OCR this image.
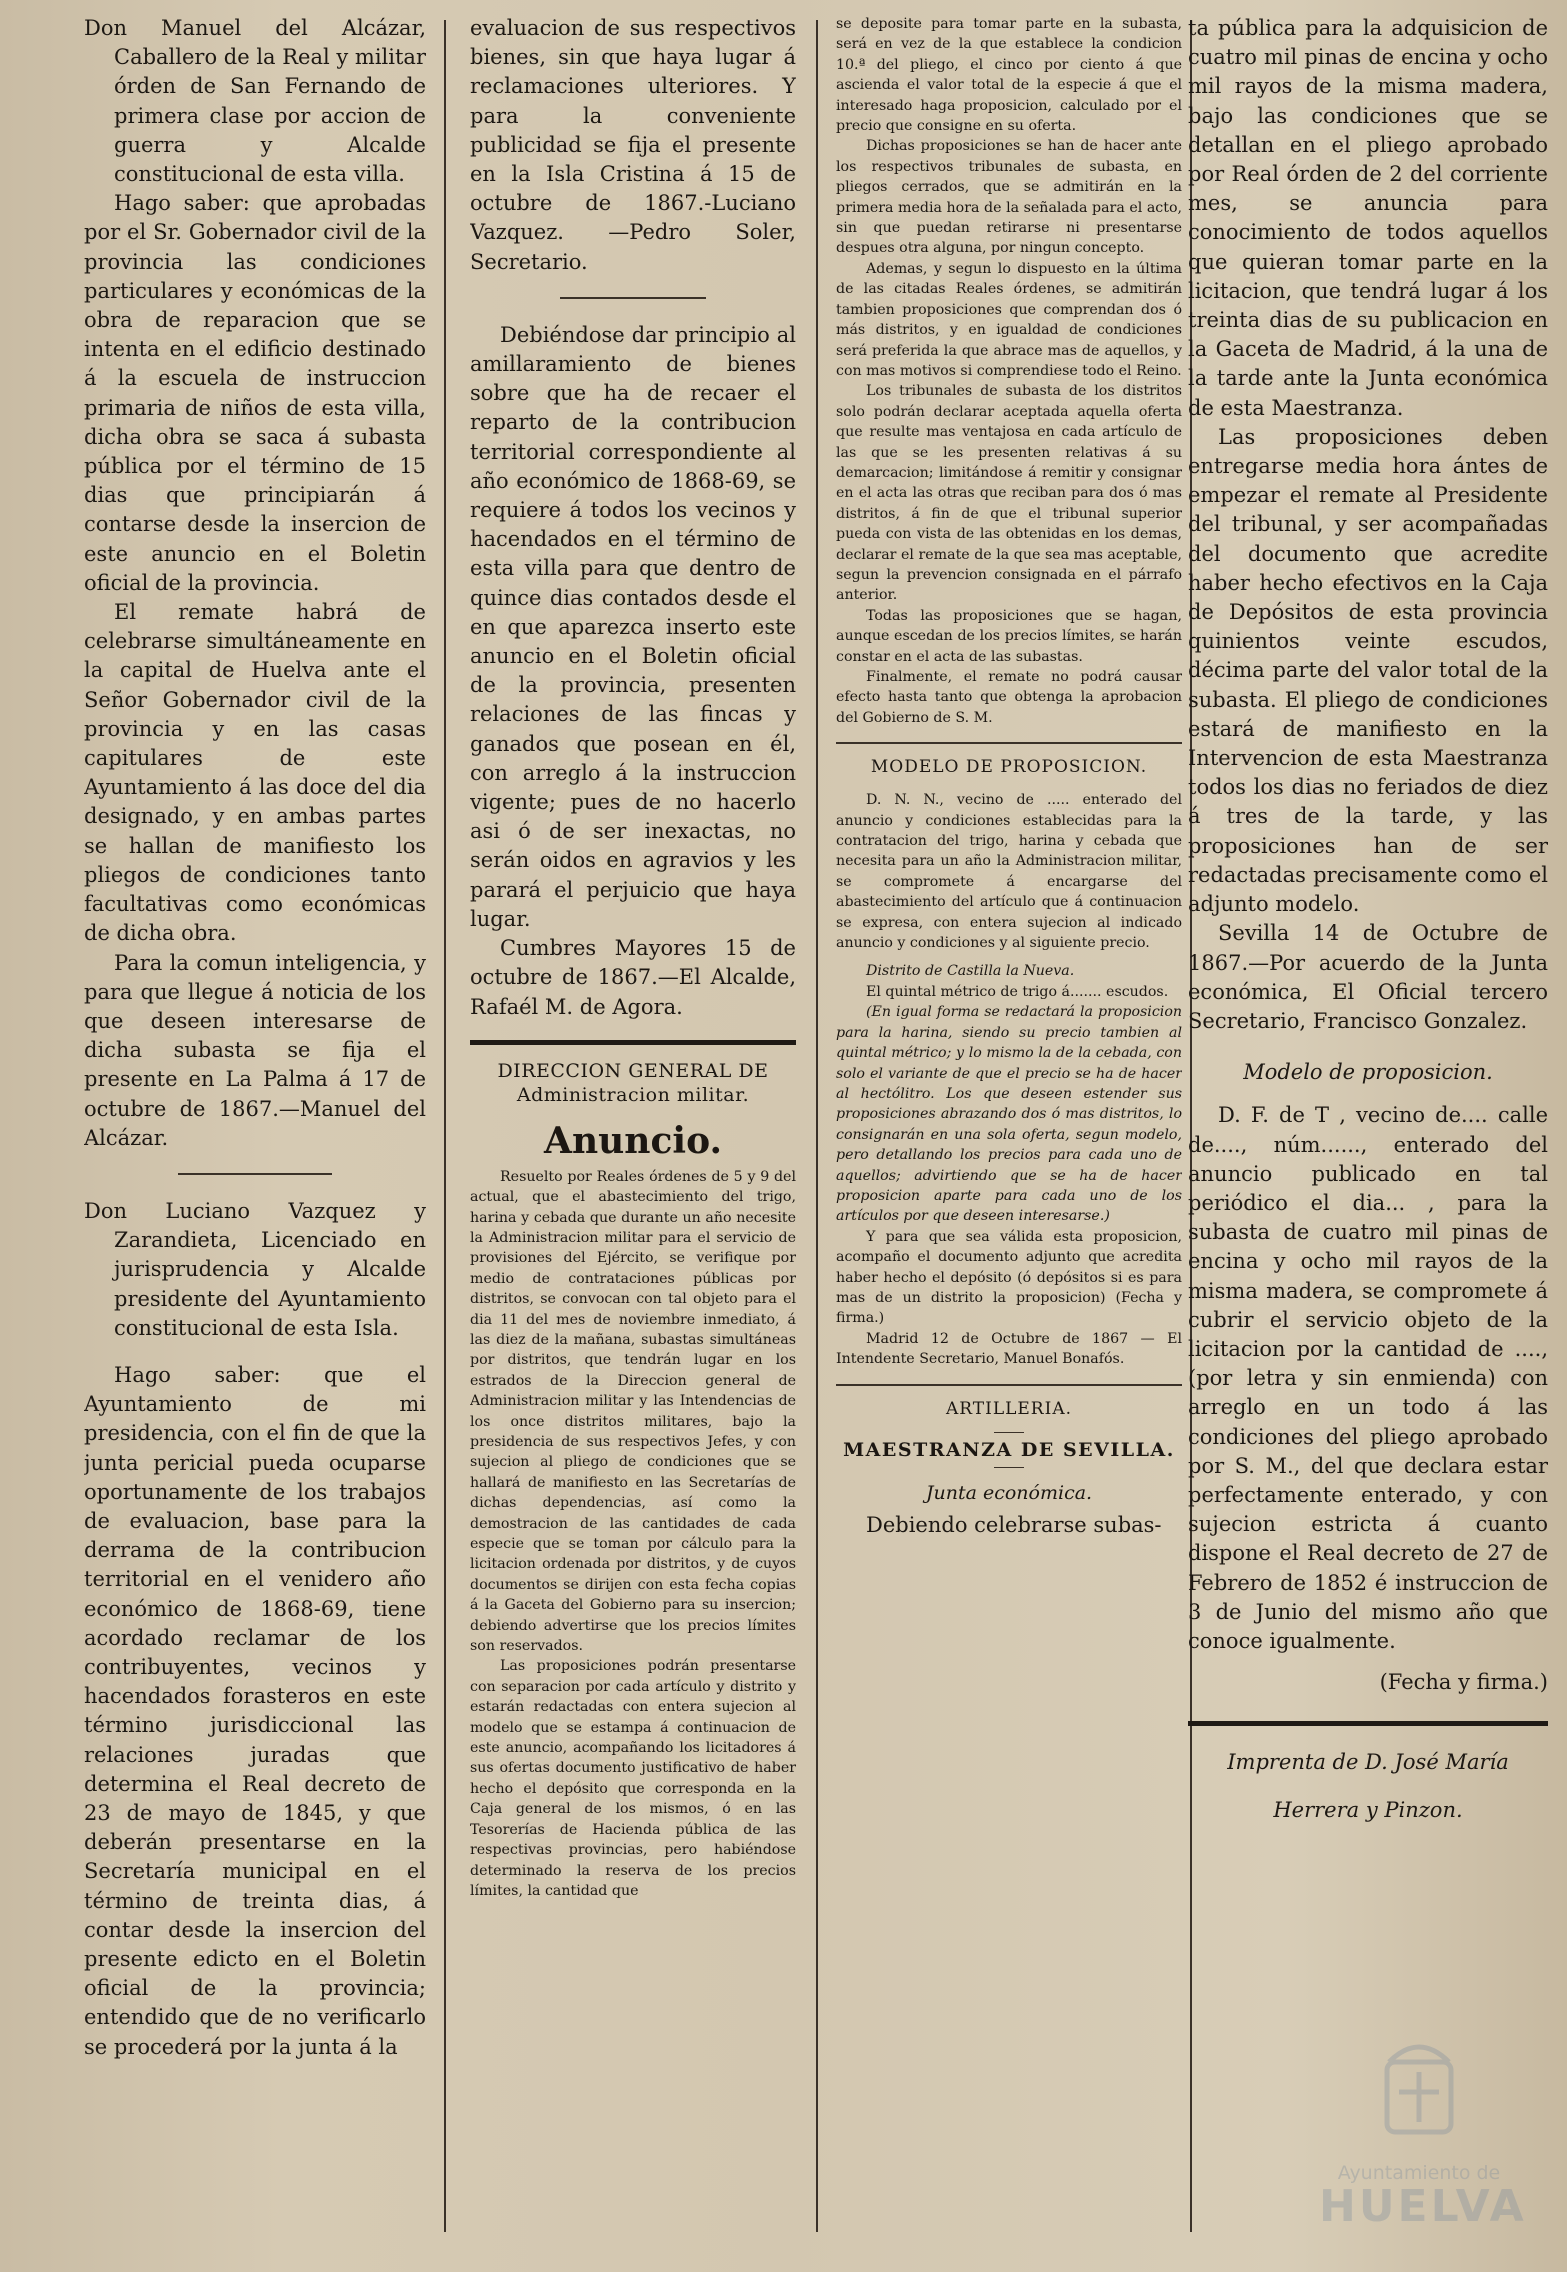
Don Manuel del Alcázar, Caballero de la Real y militar órden de San Fernando de primera clase por accion de guerra y Alcalde constitucional de esta villa.

Hago saber: que aprobadas por el Sr. Gobernador civil de la provincia las condiciones particulares y económicas de la obra de reparacion que se intenta en el edificio destinado á la escuela de instruccion primaria de niños de esta villa, dicha obra se saca á subasta pública por el término de 15 dias que principiarán á contarse desde la insercion de este anuncio en el Boletin oficial de la provincia.

El remate habrá de celebrarse simultáneamente en la capital de Huelva ante el Señor Gobernador civil de la provincia y en las casas capitulares de este Ayuntamiento á las doce del dia designado, y en ambas partes se hallan de manifiesto los pliegos de condiciones tanto facultativas como económicas de dicha obra.

Para la comun inteligencia, y para que llegue á noticia de los que deseen interesarse de dicha subasta se fija el presente en La Palma á 17 de octubre de 1867.—Manuel del Alcázar.

Don Luciano Vazquez y Zarandieta, Licenciado en jurisprudencia y Alcalde presidente del Ayuntamiento constitucional de esta Isla.

Hago saber: que el Ayuntamiento de mi presidencia, con el fin de que la junta pericial pueda ocuparse oportunamente de los trabajos de evaluacion, base para la derrama de la contribucion territorial en el venidero año económico de 1868-69, tiene acordado reclamar de los contribuyentes, vecinos y hacendados forasteros en este término jurisdiccional las relaciones juradas que determina el Real decreto de 23 de mayo de 1845, y que deberán presentarse en la Secretaría municipal en el término de treinta dias, á contar desde la insercion del presente edicto en el Boletin oficial de la provincia; entendido que de no verificarlo se procederá por la junta á la

evaluacion de sus respectivos bienes, sin que haya lugar á reclamaciones ulteriores. Y para la conveniente publicidad se fija el presente en la Isla Cristina á 15 de octubre de 1867.-Luciano Vazquez. —Pedro Soler, Secretario.

Debiéndose dar principio al amillaramiento de bienes sobre que ha de recaer el reparto de la contribucion territorial correspondiente al año económico de 1868-69, se requiere á todos los vecinos y hacendados en el término de esta villa para que dentro de quince dias contados desde el en que aparezca inserto este anuncio en el Boletin oficial de la provincia, presenten relaciones de las fincas y ganados que posean en él, con arreglo á la instruccion vigente; pues de no hacerlo asi ó de ser inexactas, no serán oidos en agravios y les parará el perjuicio que haya lugar.

Cumbres Mayores 15 de octubre de 1867.—El Alcalde, Rafaél M. de Agora.

DIRECCION GENERAL DE Administracion militar.

Anuncio.

Resuelto por Reales órdenes de 5 y 9 del actual, que el abastecimiento del trigo, harina y cebada que durante un año necesite la Administracion militar para el servicio de provisiones del Ejército, se verifique por medio de contrataciones públicas por distritos, se convocan con tal objeto para el dia 11 del mes de noviembre inmediato, á las diez de la mañana, subastas simultáneas por distritos, que tendrán lugar en los estrados de la Direccion general de Administracion militar y las Intendencias de los once distritos militares, bajo la presidencia de sus respectivos Jefes, y con sujecion al pliego de condiciones que se hallará de manifiesto en las Secretarías de dichas dependencias, así como la demostracion de las cantidades de cada especie que se toman por cálculo para la licitacion ordenada por distritos, y de cuyos documentos se dirijen con esta fecha copias á la Gaceta del Gobierno para su insercion; debiendo advertirse que los precios límites son reservados.

Las proposiciones podrán presentarse con separacion por cada artículo y distrito y estarán redactadas con entera sujecion al modelo que se estampa á continuacion de este anuncio, acompañando los licitadores á sus ofertas documento justificativo de haber hecho el depósito que corresponda en la Caja general de los mismos, ó en las Tesorerías de Hacienda pública de las respectivas provincias, pero habiéndose determinado la reserva de los precios límites, la cantidad que

se deposite para tomar parte en la subasta, será en vez de la que establece la condicion 10.ª del pliego, el cinco por ciento á que ascienda el valor total de la especie á que el interesado haga proposicion, calculado por el precio que consigne en su oferta.

Dichas proposiciones se han de hacer ante los respectivos tribunales de subasta, en pliegos cerrados, que se admitirán en la primera media hora de la señalada para el acto, sin que puedan retirarse ni presentarse despues otra alguna, por ningun concepto.

Ademas, y segun lo dispuesto en la última de las citadas Reales órdenes, se admitirán tambien proposiciones que comprendan dos ó más distritos, y en igualdad de condiciones será preferida la que abrace mas de aquellos, y con mas motivos si comprendiese todo el Reino.

Los tribunales de subasta de los distritos solo podrán declarar aceptada aquella oferta que resulte mas ventajosa en cada artículo de las que se les presenten relativas á su demarcacion; limitándose á remitir y consignar en el acta las otras que reciban para dos ó mas distritos, á fin de que el tribunal superior pueda con vista de las obtenidas en los demas, declarar el remate de la que sea mas aceptable, segun la prevencion consignada en el párrafo anterior.

Todas las proposiciones que se hagan, aunque escedan de los precios límites, se harán constar en el acta de las subastas.

Finalmente, el remate no podrá causar efecto hasta tanto que obtenga la aprobacion del Gobierno de S. M.

MODELO DE PROPOSICION.

D. N. N., vecino de ..... enterado del anuncio y condiciones establecidas para la contratacion del trigo, harina y cebada que necesita para un año la Administracion militar, se compromete á encargarse del abastecimiento del artículo que á continuacion se expresa, con entera sujecion al indicado anuncio y condiciones y al siguiente precio.

Distrito de Castilla la Nueva.

El quintal métrico de trigo á....... escudos.

(En igual forma se redactará la proposicion para la harina, siendo su precio tambien al quintal métrico; y lo mismo la de la cebada, con solo el variante de que el precio se ha de hacer al hectólitro. Los que deseen estender sus proposiciones abrazando dos ó mas distritos, lo consignarán en una sola oferta, segun modelo, pero detallando los precios para cada uno de aquellos; advirtiendo que se ha de hacer proposicion aparte para cada uno de los artículos por que deseen interesarse.)

Y para que sea válida esta proposicion, acompaño el documento adjunto que acredita haber hecho el depósito (ó depósitos si es para mas de un distrito la proposicion) (Fecha y firma.)

Madrid 12 de Octubre de 1867 — El Intendente Secretario, Manuel Bonafós.

ARTILLERIA.

MAESTRANZA DE SEVILLA.

Junta económica.

Debiendo celebrarse subas-

ta pública para la adquisicion de cuatro mil pinas de encina y ocho mil rayos de la misma madera, bajo las condiciones que se detallan en el pliego aprobado por Real órden de 2 del corriente mes, se anuncia para conocimiento de todos aquellos que quieran tomar parte en la licitacion, que tendrá lugar á los treinta dias de su publicacion en la Gaceta de Madrid, á la una de la tarde ante la Junta económica de esta Maestranza.

Las proposiciones deben entregarse media hora ántes de empezar el remate al Presidente del tribunal, y ser acompañadas del documento que acredite haber hecho efectivos en la Caja de Depósitos de esta provincia quinientos veinte escudos, décima parte del valor total de la subasta. El pliego de condiciones estará de manifiesto en la Intervencion de esta Maestranza todos los dias no feriados de diez á tres de la tarde, y las proposiciones han de ser redactadas precisamente como el adjunto modelo.

Sevilla 14 de Octubre de 1867.—Por acuerdo de la Junta económica, El Oficial tercero Secretario, Francisco Gonzalez.

Modelo de proposicion.

D. F. de T , vecino de.... calle de...., núm......, enterado del anuncio publicado en tal periódico el dia... , para la subasta de cuatro mil pinas de encina y ocho mil rayos de la misma madera, se compromete á cubrir el servicio objeto de la licitacion por la cantidad de ...., (por letra y sin enmienda) con arreglo en un todo á las condiciones del pliego aprobado por S. M., del que declara estar perfectamente enterado, y con sujecion estricta á cuanto dispone el Real decreto de 27 de Febrero de 1852 é instruccion de 3 de Junio del mismo año que conoce igualmente.

(Fecha y firma.)

Imprenta de D. José María

Herrera y Pinzon.

Ayuntamiento de
HUELVA
